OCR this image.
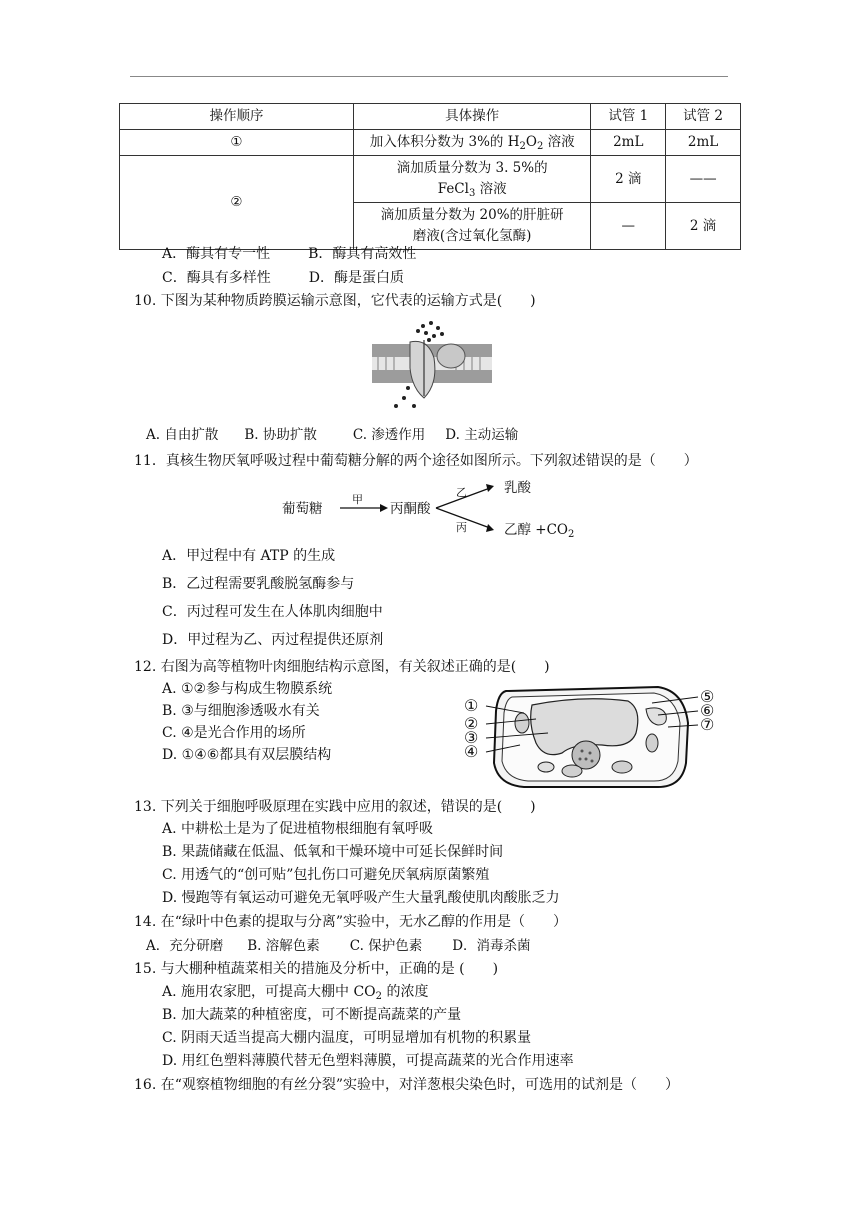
操作顺序	具体操作	试管 1	试管 2
①	加入体积分数为 3%的 $H_2O_2$ 溶液	2mL	2mL
②	滴加质量分数为 3. 5%的 FeCl$_3$ 溶液	2 滴	——
	滴加质量分数为 20%的肝脏研磨液(含过氧化氢酶)	—	2 滴
A．酶具有专一性	B．酶具有高效性
C．酶具有多样性	D．酶是蛋白质
10. 下图为某种物质跨膜运输示意图，它代表的运输方式是(　　)
A. 自由扩散 B. 协助扩散	C. 渗透作用 D. 主动运输
11．真核生物厌氧呼吸过程中葡萄糖分解的两个途径如图所示。下列叙述错误的是（　　）
葡萄糖
甲
丙酮酸
乙	乳酸
丙	乙醇 $+CO_2$
A．甲过程中有 ATP 的生成
B．乙过程需要乳酸脱氢酶参与
C．丙过程可发生在人体肌肉细胞中
D．甲过程为乙、丙过程提供还原剂
12. 右图为高等植物叶肉细胞结构示意图，有关叙述正确的是(　　)
A. ①②参与构成生物膜系统
B. ③与细胞渗透吸水有关
C. ④是光合作用的场所
D. ①④⑥都具有双层膜结构
①
②
③
④
⑤
⑥
⑦
13. 下列关于细胞呼吸原理在实践中应用的叙述，错误的是(　　)
A. 中耕松土是为了促进植物根细胞有氧呼吸
B. 果蔬储藏在低温、低氧和干燥环境中可延长保鲜时间
C. 用透气的“创可贴”包扎伤口可避免厌氧病原菌繁殖
D. 慢跑等有氧运动可避免无氧呼吸产生大量乳酸使肌肉酸胀乏力
14. 在“绿叶中色素的提取与分离”实验中，无水乙醇的作用是（　　）
A．充分研磨 B. 溶解色素 C. 保护色素 D．消毒杀菌
15. 与大棚种植蔬菜相关的措施及分析中，正确的是 (　　)
A. 施用农家肥，可提高大棚中 $CO_2$ 的浓度
B. 加大蔬菜的种植密度，可不断提高蔬菜的产量
C. 阴雨天适当提高大棚内温度，可明显增加有机物的积累量
D. 用红色塑料薄膜代替无色塑料薄膜，可提高蔬菜的光合作用速率
16. 在“观察植物细胞的有丝分裂”实验中，对洋葱根尖染色时，可选用的试剂是（　　）
